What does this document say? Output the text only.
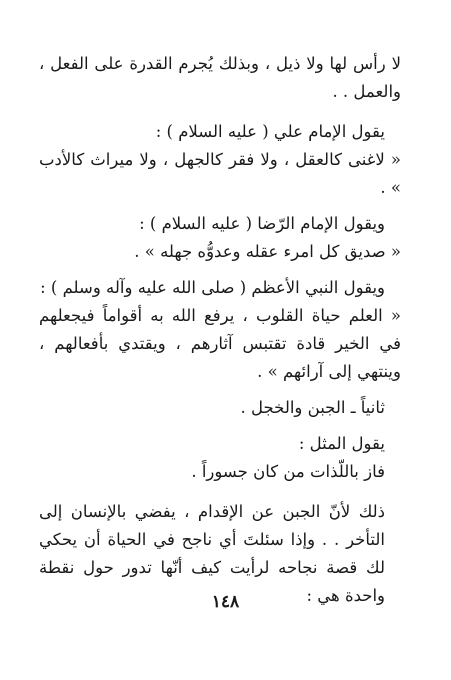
لا رأس لها ولا ذيل ، وبذلك يُجرم القدرة على الفعل ، والعمل . .

يقول الإمام علي ( عليه السلام ) :

« لاغنى كالعقل ، ولا فقر كالجهل ، ولا ميراث كالأدب » .

ويقول الإمام الرّضا ( عليه السلام ) :

« صديق كل امرء عقله وعدوُّه جهله » .

ويقول النبي الأعظم ( صلى الله عليه وآله وسلم ) :

« العلم حياة القلوب ، يرفع الله به أقواماً فيجعلهم في الخير قادة تقتبس آثارهم ، ويقتدي بأفعالهم ، وينتهي إلى آرائهم » .

ثانياً ـ الجبن والخجل .

يقول المثل :

فاز باللّذات من كان جسوراً .

ذلك لأنّ الجبن عن الإقدام ، يفضي بالإنسان إلى التأخر . . وإذا سئلتَ أي ناجح في الحياة أن يحكي لك قصة نجاحه لرأيت كيف أنّها تدور حول نقطة واحدة هي :

١٤٨
